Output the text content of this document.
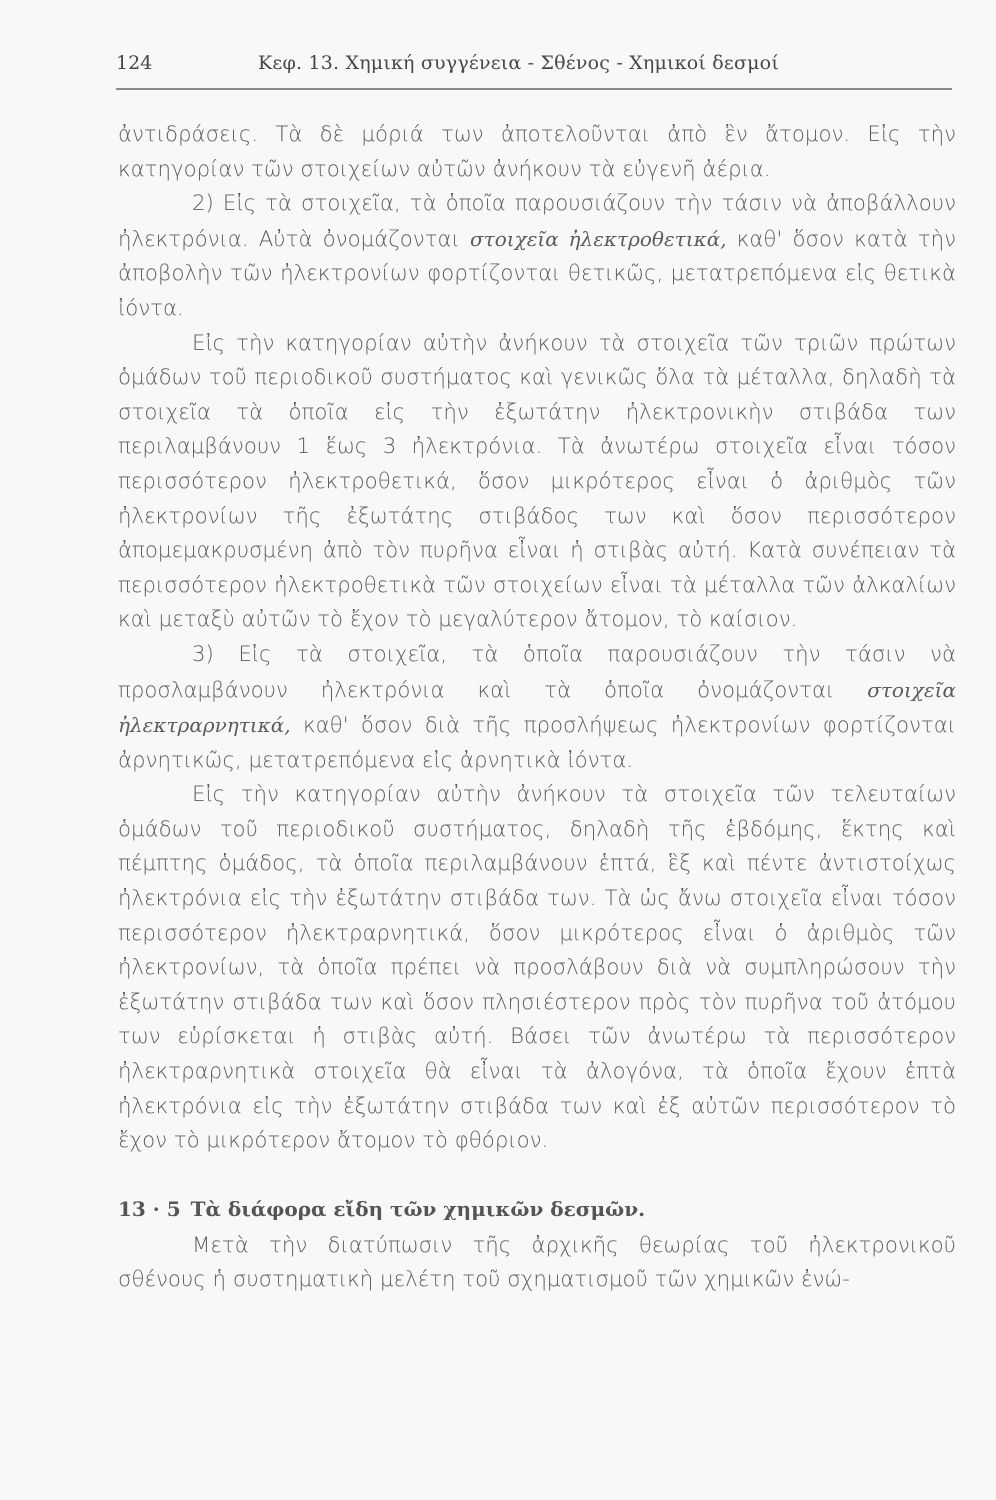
124	Κεφ. 13. Χημική συγγένεια - Σθένος - Χημικοί δεσμοί

ἀντιδράσεις. Τὰ δὲ μόριά των ἀποτελοῦνται ἀπὸ ἓν ἄτομον. Εἰς τὴν κατηγορίαν τῶν στοιχείων αὐτῶν ἀνήκουν τὰ εὐγενῆ ἀέρια.

2) Εἰς τὰ στοιχεῖα, τὰ ὁποῖα παρουσιάζουν τὴν τάσιν νὰ ἀποβάλλουν ἠλεκτρόνια. Αὐτὰ ὀνομάζονται στοιχεῖα ἠλεκτροθετικά, καθ' ὅσον κατὰ τὴν ἀποβολὴν τῶν ἠλεκτρονίων φορτίζονται θετικῶς, μετατρεπόμενα εἰς θετικὰ ἰόντα.

Εἰς τὴν κατηγορίαν αὐτὴν ἀνήκουν τὰ στοιχεῖα τῶν τριῶν πρώτων ὁμάδων τοῦ περιοδικοῦ συστήματος καὶ γενικῶς ὅλα τὰ μέταλλα, δηλαδὴ τὰ στοιχεῖα τὰ ὁποῖα εἰς τὴν ἐξωτάτην ἠλεκτρονικὴν στιβάδα των περιλαμβάνουν 1 ἕως 3 ἠλεκτρόνια. Τὰ ἀνωτέρω στοιχεῖα εἶναι τόσον περισσότερον ἠλεκτροθετικά, ὅσον μικρότερος εἶναι ὁ ἀριθμὸς τῶν ἠλεκτρονίων τῆς ἐξωτάτης στιβάδος των καὶ ὅσον περισσότερον ἀπομεμακρυσμένη ἀπὸ τὸν πυρῆνα εἶναι ἡ στιβὰς αὐτή. Κατὰ συνέπειαν τὰ περισσότερον ἠλεκτροθετικὰ τῶν στοιχείων εἶναι τὰ μέταλλα τῶν ἀλκαλίων καὶ μεταξὺ αὐτῶν τὸ ἔχον τὸ μεγαλύτερον ἄτομον, τὸ καίσιον.

3) Εἰς τὰ στοιχεῖα, τὰ ὁποῖα παρουσιάζουν τὴν τάσιν νὰ προσλαμβάνουν ἠλεκτρόνια καὶ τὰ ὁποῖα ὀνομάζονται στοιχεῖα ἠλεκτραρνητικά, καθ' ὅσον διὰ τῆς προσλήψεως ἠλεκτρονίων φορτίζονται ἀρνητικῶς, μετατρεπόμενα εἰς ἀρνητικὰ ἰόντα.

Εἰς τὴν κατηγορίαν αὐτὴν ἀνήκουν τὰ στοιχεῖα τῶν τελευταίων ὁμάδων τοῦ περιοδικοῦ συστήματος, δηλαδὴ τῆς ἑβδόμης, ἕκτης καὶ πέμπτης ὁμάδος, τὰ ὁποῖα περιλαμβάνουν ἑπτά, ἓξ καὶ πέντε ἀντιστοίχως ἠλεκτρόνια εἰς τὴν ἐξωτάτην στιβάδα των. Τὰ ὡς ἄνω στοιχεῖα εἶναι τόσον περισσότερον ἠλεκτραρνητικά, ὅσον μικρότερος εἶναι ὁ ἀριθμὸς τῶν ἠλεκτρονίων, τὰ ὁποῖα πρέπει νὰ προσλάβουν διὰ νὰ συμπληρώσουν τὴν ἐξωτάτην στιβάδα των καὶ ὅσον πλησιέστερον πρὸς τὸν πυρῆνα τοῦ ἀτόμου των εὑρίσκεται ἡ στιβὰς αὐτή. Βάσει τῶν ἀνωτέρω τὰ περισσότερον ἠλεκτραρνητικὰ στοιχεῖα θὰ εἶναι τὰ ἀλογόνα, τὰ ὁποῖα ἔχουν ἑπτὰ ἠλεκτρόνια εἰς τὴν ἐξωτάτην στιβάδα των καὶ ἐξ αὐτῶν περισσότερον τὸ ἔχον τὸ μικρότερον ἄτομον τὸ φθόριον.

13 · 5 Τὰ διάφορα εἴδη τῶν χημικῶν δεσμῶν.

Μετὰ τὴν διατύπωσιν τῆς ἀρχικῆς θεωρίας τοῦ ἠλεκτρονικοῦ σθένους ἡ συστηματικὴ μελέτη τοῦ σχηματισμοῦ τῶν χημικῶν ἐνώ-
